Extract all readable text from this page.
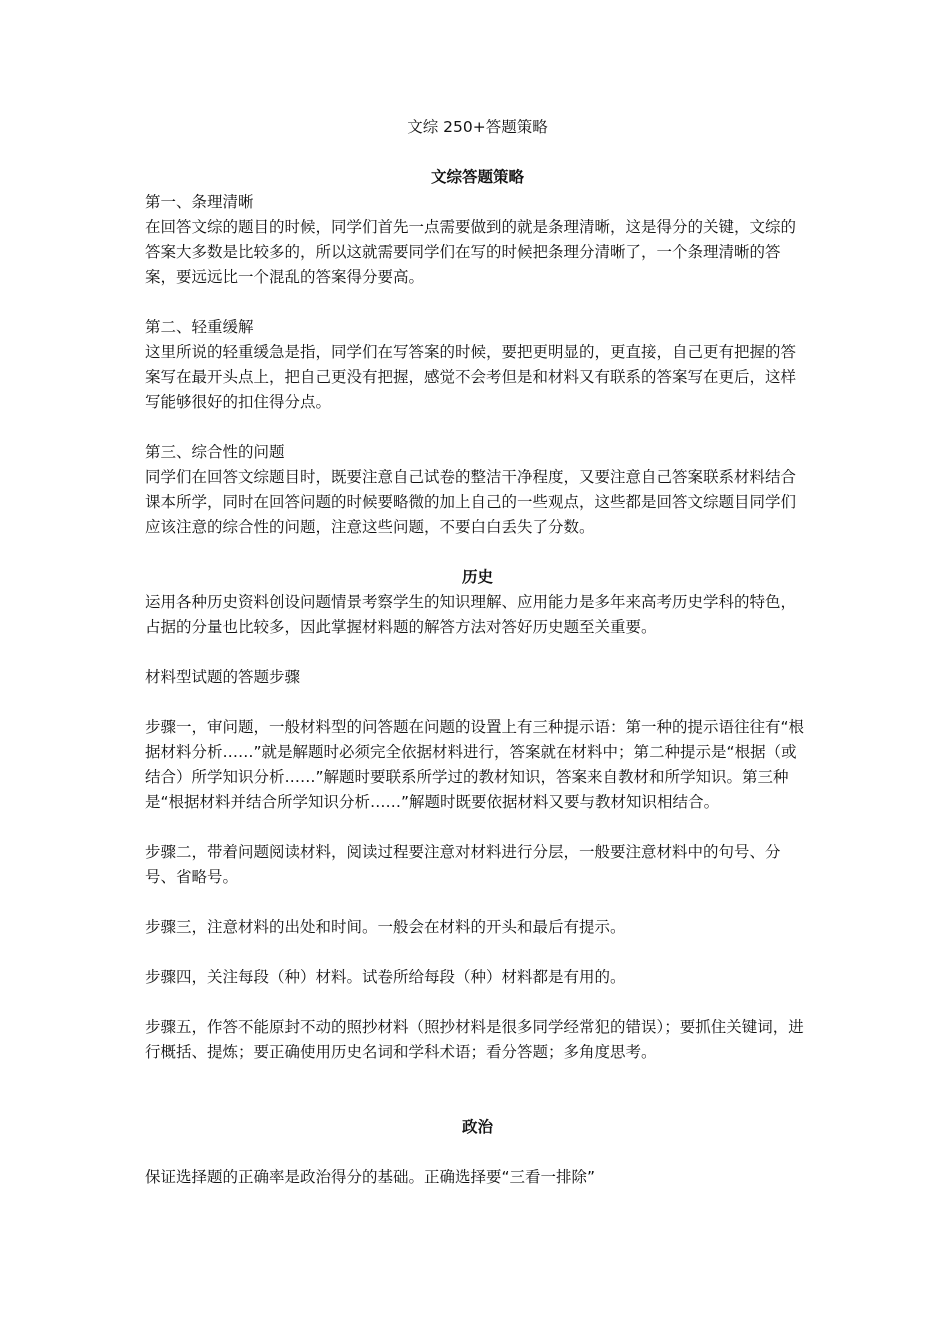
文综 250+答题策略

文综答题策略

第一、条理清晰

在回答文综的题目的时候，同学们首先一点需要做到的就是条理清晰，这是得分的关键，文综的答案大多数是比较多的，所以这就需要同学们在写的时候把条理分清晰了，一个条理清晰的答案，要远远比一个混乱的答案得分要高。

第二、轻重缓解

这里所说的轻重缓急是指，同学们在写答案的时候，要把更明显的，更直接，自己更有把握的答案写在最开头点上，把自己更没有把握，感觉不会考但是和材料又有联系的答案写在更后，这样写能够很好的扣住得分点。

第三、综合性的问题

同学们在回答文综题目时，既要注意自己试卷的整洁干净程度，又要注意自己答案联系材料结合课本所学，同时在回答问题的时候要略微的加上自己的一些观点，这些都是回答文综题目同学们应该注意的综合性的问题，注意这些问题，不要白白丢失了分数。

历史

运用各种历史资料创设问题情景考察学生的知识理解、应用能力是多年来高考历史学科的特色，占据的分量也比较多，因此掌握材料题的解答方法对答好历史题至关重要。

材料型试题的答题步骤

步骤一，审问题，一般材料型的问答题在问题的设置上有三种提示语：第一种的提示语往往有“根据材料分析……”就是解题时必须完全依据材料进行，答案就在材料中；第二种提示是“根据（或结合）所学知识分析……”解题时要联系所学过的教材知识，答案来自教材和所学知识。第三种是“根据材料并结合所学知识分析……”解题时既要依据材料又要与教材知识相结合。

步骤二，带着问题阅读材料，阅读过程要注意对材料进行分层，一般要注意材料中的句号、分号、省略号。

步骤三，注意材料的出处和时间。一般会在材料的开头和最后有提示。

步骤四，关注每段（种）材料。试卷所给每段（种）材料都是有用的。

步骤五，作答不能原封不动的照抄材料（照抄材料是很多同学经常犯的错误）；要抓住关键词，进行概括、提炼；要正确使用历史名词和学科术语；看分答题；多角度思考。

政治

保证选择题的正确率是政治得分的基础。正确选择要“三看一排除”
